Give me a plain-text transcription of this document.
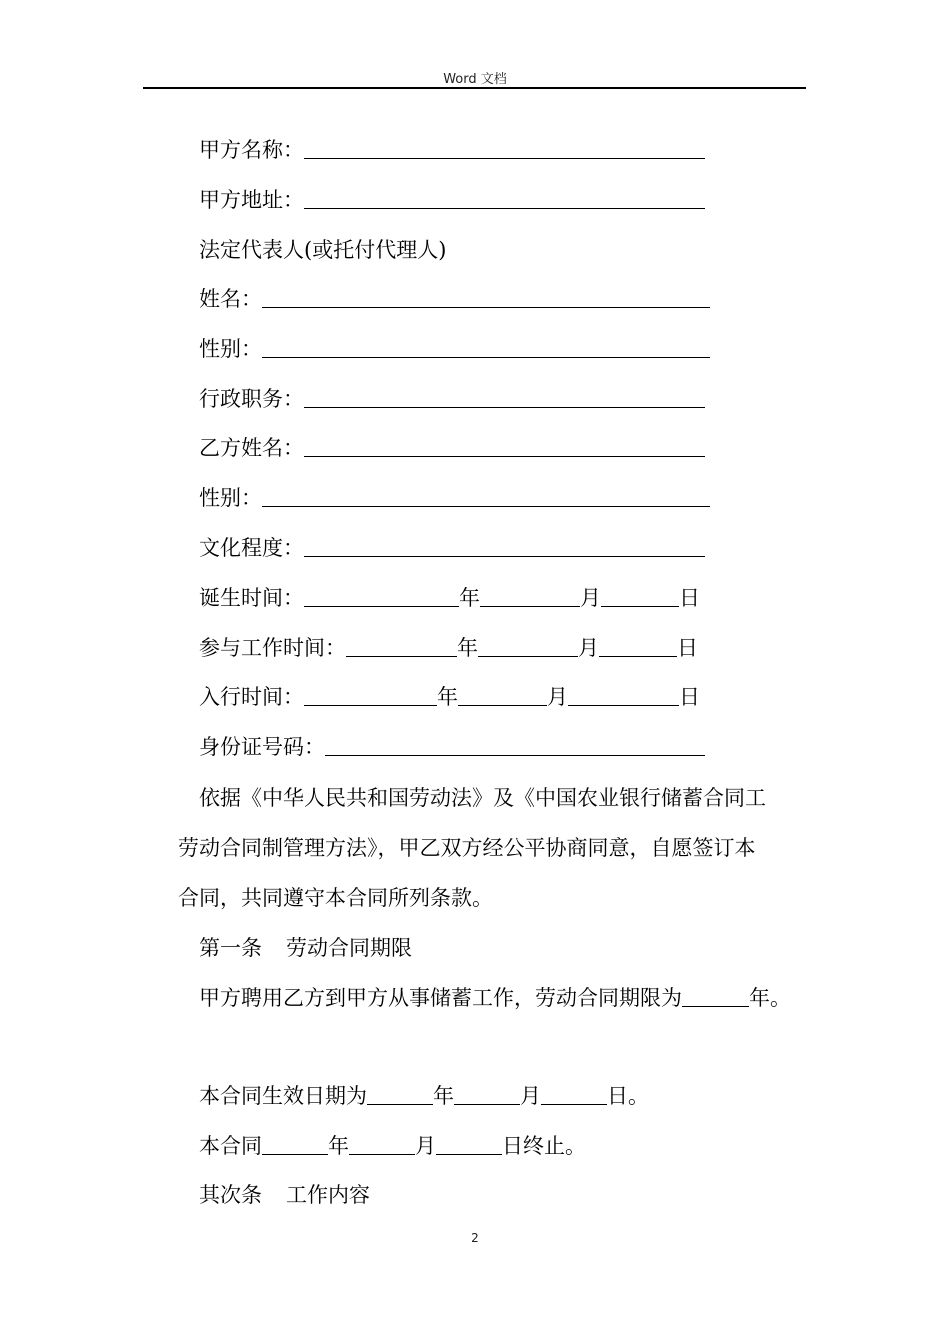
Word 文档
甲方名称：
甲方地址：
法定代表人(或托付代理人)
姓名：
性别：
行政职务：
乙方姓名：
性别：
文化程度：
诞生时间：	年	月	日
参与工作时间：	年	月	日
入行时间：	年	月	日
身份证号码：
依据《中华人民共和国劳动法》及《中国农业银行储蓄合同工
劳动合同制管理方法》，甲乙双方经公平协商同意，自愿签订本
合同，共同遵守本合同所列条款。
第一条 劳动合同期限
甲方聘用乙方到甲方从事储蓄工作，劳动合同期限为	年。
本合同生效日期为	年	月	日。
本合同	年	月	日终止。
其次条 工作内容
2
